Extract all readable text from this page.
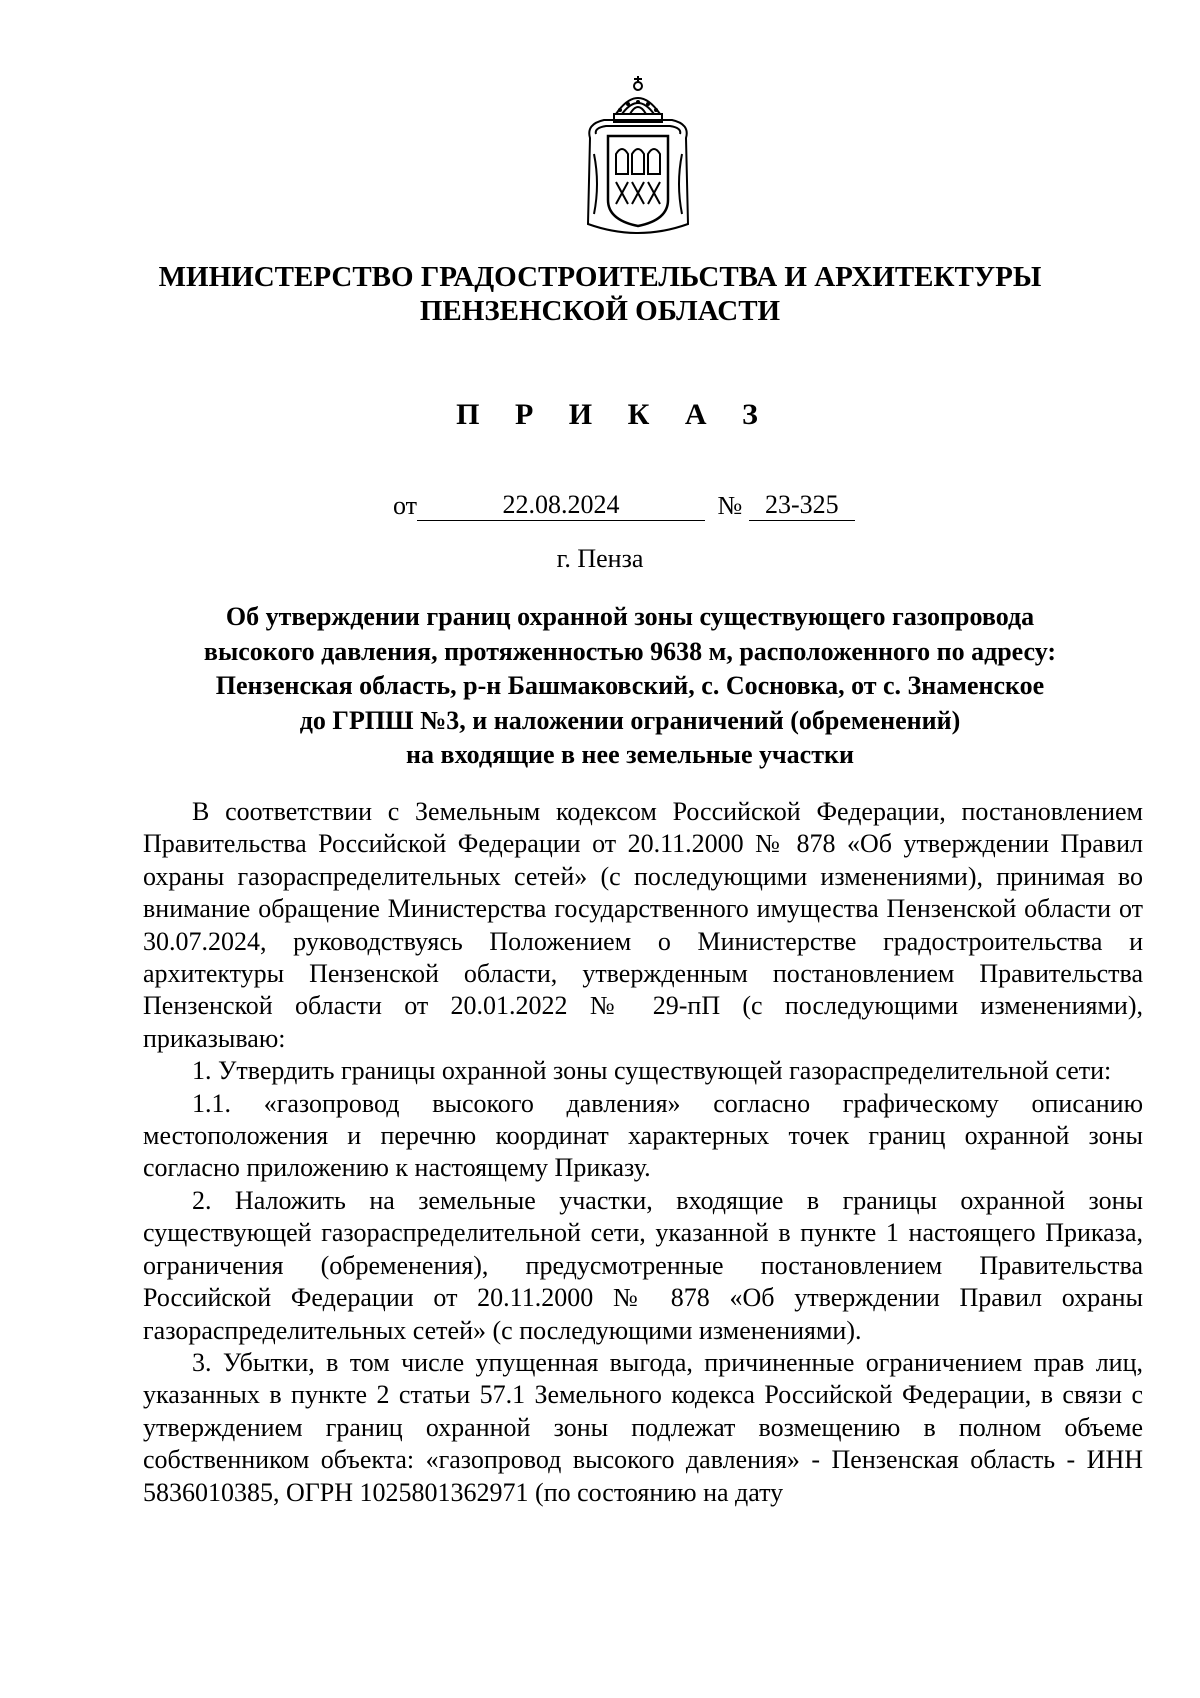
МИНИСТЕРСТВО ГРАДОСТРОИТЕЛЬСТВА И АРХИТЕКТУРЫ
ПЕНЗЕНСКОЙ ОБЛАСТИ
П Р И К А З
от	22.08.2024	№ 23-325
г. Пенза
Об утверждении границ охранной зоны существующего газопровода
высокого давления, протяженностью 9638 м, расположенного по адресу:
Пензенская область, р-н Башмаковский, с. Сосновка, от с. Знаменское
до ГРПШ №3, и наложении ограничений (обременений)
на входящие в нее земельные участки

В соответствии с Земельным кодексом Российской Федерации, постановлением Правительства Российской Федерации от 20.11.2000 № 878 «Об утверждении Правил охраны газораспределительных сетей» (с последующими изменениями), принимая во внимание обращение Министерства государственного имущества Пензенской области от 30.07.2024, руководствуясь Положением о Министерстве градостроительства и архитектуры Пензенской области, утвержденным постановлением Правительства Пензенской области от 20.01.2022 № 29-пП (с последующими изменениями), приказываю:

1. Утвердить границы охранной зоны существующей газораспределительной сети:

1.1. «газопровод высокого давления» согласно графическому описанию местоположения и перечню координат характерных точек границ охранной зоны согласно приложению к настоящему Приказу.

2. Наложить на земельные участки, входящие в границы охранной зоны существующей газораспределительной сети, указанной в пункте 1 настоящего Приказа, ограничения (обременения), предусмотренные постановлением Правительства Российской Федерации от 20.11.2000 № 878 «Об утверждении Правил охраны газораспределительных сетей» (с последующими изменениями).

3. Убытки, в том числе упущенная выгода, причиненные ограничением прав лиц, указанных в пункте 2 статьи 57.1 Земельного кодекса Российской Федерации, в связи с утверждением границ охранной зоны подлежат возмещению в полном объеме собственником объекта: «газопровод высокого давления» - Пензенская область - ИНН 5836010385, ОГРН 1025801362971 (по состоянию на дату
